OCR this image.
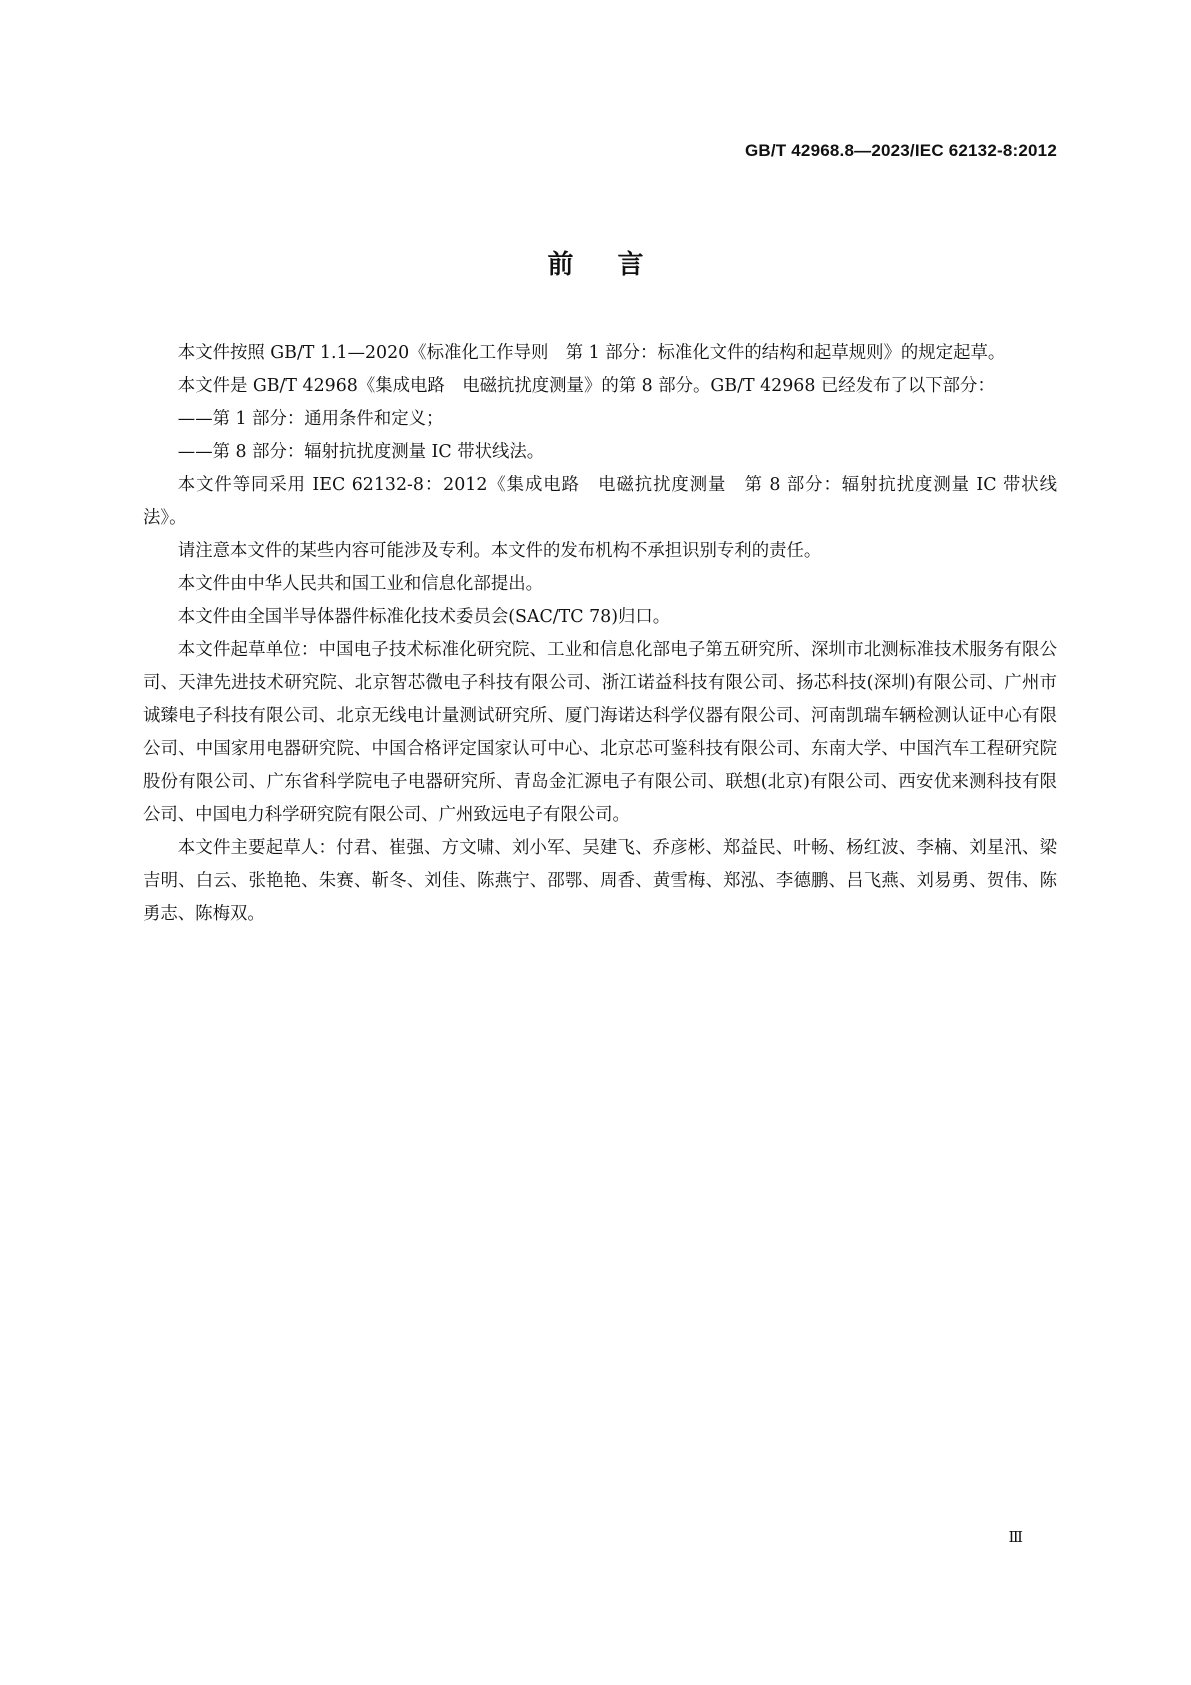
GB/T 42968.8—2023/IEC 62132-8:2012
前言

本文件按照 GB/T 1.1—2020《标准化工作导则　第 1 部分：标准化文件的结构和起草规则》的规定起草。

本文件是 GB/T 42968《集成电路　电磁抗扰度测量》的第 8 部分。GB/T 42968 已经发布了以下部分：

——第 1 部分：通用条件和定义；

——第 8 部分：辐射抗扰度测量 IC 带状线法。

本文件等同采用 IEC 62132-8：2012《集成电路　电磁抗扰度测量　第 8 部分：辐射抗扰度测量 IC 带状线法》。

请注意本文件的某些内容可能涉及专利。本文件的发布机构不承担识别专利的责任。

本文件由中华人民共和国工业和信息化部提出。

本文件由全国半导体器件标准化技术委员会(SAC/TC 78)归口。

本文件起草单位：中国电子技术标准化研究院、工业和信息化部电子第五研究所、深圳市北测标准技术服务有限公司、天津先进技术研究院、北京智芯微电子科技有限公司、浙江诺益科技有限公司、扬芯科技(深圳)有限公司、广州市诚臻电子科技有限公司、北京无线电计量测试研究所、厦门海诺达科学仪器有限公司、河南凯瑞车辆检测认证中心有限公司、中国家用电器研究院、中国合格评定国家认可中心、北京芯可鉴科技有限公司、东南大学、中国汽车工程研究院股份有限公司、广东省科学院电子电器研究所、青岛金汇源电子有限公司、联想(北京)有限公司、西安优来测科技有限公司、中国电力科学研究院有限公司、广州致远电子有限公司。

本文件主要起草人：付君、崔强、方文啸、刘小军、吴建飞、乔彦彬、郑益民、叶畅、杨红波、李楠、刘星汛、梁吉明、白云、张艳艳、朱赛、靳冬、刘佳、陈燕宁、邵鄂、周香、黄雪梅、郑泓、李德鹏、吕飞燕、刘易勇、贺伟、陈勇志、陈梅双。

Ⅲ
